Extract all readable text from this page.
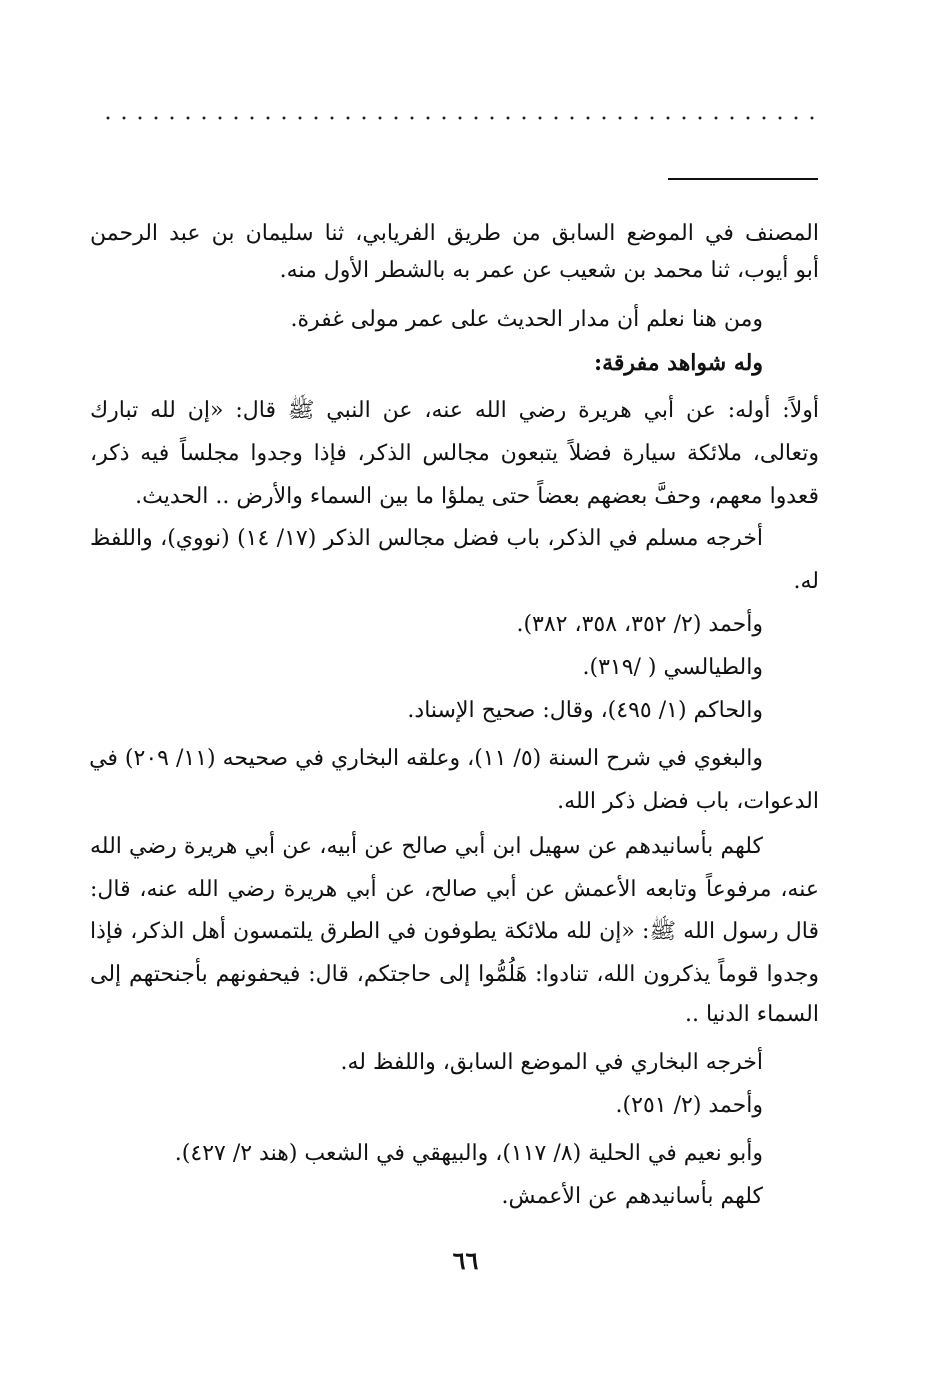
المصنف في الموضع السابق من طريق الفريابي، ثنا سليمان بن عبد الرحمن
أبو أيوب، ثنا محمد بن شعيب عن عمر به بالشطر الأول منه.
ومن هنا نعلم أن مدار الحديث على عمر مولى غفرة.
وله شواهد مفرقة:
أولاً: أوله: عن أبي هريرة رضي الله عنه، عن النبي ﷺ قال: «إن لله تبارك
وتعالى، ملائكة سيارة فضلاً يتبعون مجالس الذكر، فإذا وجدوا مجلساً فيه ذكر،
قعدوا معهم، وحفَّ بعضهم بعضاً حتى يملؤا ما بين السماء والأرض .. الحديث.
أخرجه مسلم في الذكر، باب فضل مجالس الذكر (١٧/ ١٤) (نووي)، واللفظ
له.
وأحمد (٢/ ٣٥٢، ٣٥٨، ٣٨٢).
والطيالسي ( /٣١٩).
والحاكم (١/ ٤٩٥)، وقال: صحيح الإسناد.
والبغوي في شرح السنة (٥/ ١١)، وعلقه البخاري في صحيحه (١١/ ٢٠٩) في
الدعوات، باب فضل ذكر الله.
كلهم بأسانيدهم عن سهيل ابن أبي صالح عن أبيه، عن أبي هريرة رضي الله
عنه، مرفوعاً وتابعه الأعمش عن أبي صالح، عن أبي هريرة رضي الله عنه، قال:
قال رسول الله ﷺ: «إن لله ملائكة يطوفون في الطرق يلتمسون أهل الذكر، فإذا
وجدوا قوماً يذكرون الله، تنادوا: هَلُمُّوا إلى حاجتكم، قال: فيحفونهم بأجنحتهم إلى
السماء الدنيا ..
أخرجه البخاري في الموضع السابق، واللفظ له.
وأحمد (٢/ ٢٥١).
وأبو نعيم في الحلية (٨/ ١١٧)، والبيهقي في الشعب (هند ٢/ ٤٢٧).
كلهم بأسانيدهم عن الأعمش.
٦٦
